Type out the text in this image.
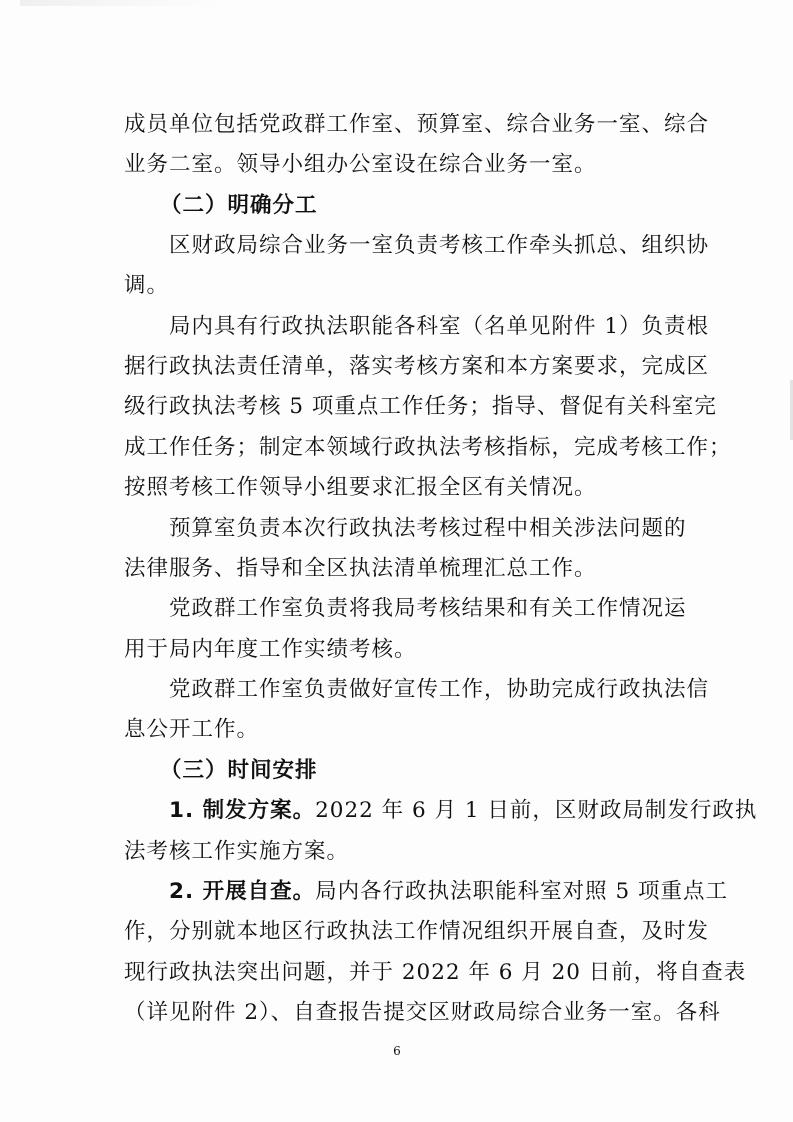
成员单位包括党政群工作室、预算室、综合业务一室、综合
业务二室。领导小组办公室设在综合业务一室。
（二）明确分工
区财政局综合业务一室负责考核工作牵头抓总、组织协
调。
局内具有行政执法职能各科室（名单见附件 1）负责根
据行政执法责任清单，落实考核方案和本方案要求，完成区
级行政执法考核 5 项重点工作任务；指导、督促有关科室完
成工作任务；制定本领域行政执法考核指标，完成考核工作；
按照考核工作领导小组要求汇报全区有关情况。
预算室负责本次行政执法考核过程中相关涉法问题的
法律服务、指导和全区执法清单梳理汇总工作。
党政群工作室负责将我局考核结果和有关工作情况运
用于局内年度工作实绩考核。
党政群工作室负责做好宣传工作，协助完成行政执法信
息公开工作。
（三）时间安排
1. 制发方案。2022 年 6 月 1 日前，区财政局制发行政执
法考核工作实施方案。
2. 开展自查。局内各行政执法职能科室对照 5 项重点工
作，分别就本地区行政执法工作情况组织开展自查，及时发
现行政执法突出问题，并于 2022 年 6 月 20 日前，将自查表
（详见附件 2）、自查报告提交区财政局综合业务一室。各科
6
